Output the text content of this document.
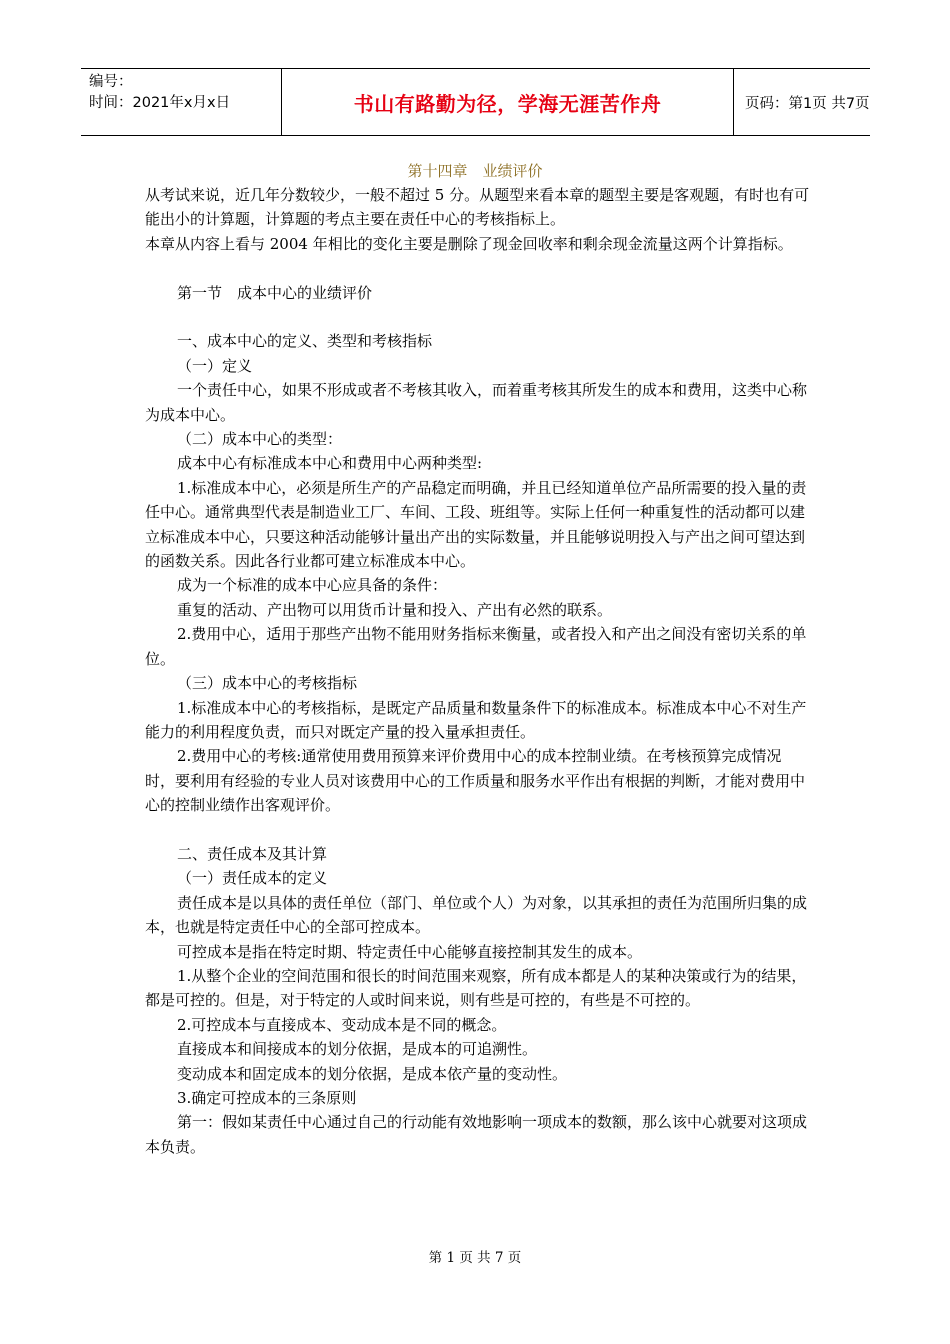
编号：
时间：2021年x月x日	书山有路勤为径，学海无涯苦作舟	页码：第1页 共7页
第十四章　业绩评价

从考试来说，近几年分数较少，一般不超过 5 分。从题型来看本章的题型主要是客观题，有时也有可能出小的计算题，计算题的考点主要在责任中心的考核指标上。

本章从内容上看与 2004 年相比的变化主要是删除了现金回收率和剩余现金流量这两个计算指标。

第一节　成本中心的业绩评价

一、成本中心的定义、类型和考核指标

（一）定义

一个责任中心，如果不形成或者不考核其收入，而着重考核其所发生的成本和费用，这类中心称为成本中心。

（二）成本中心的类型：

成本中心有标准成本中心和费用中心两种类型:

1.标准成本中心，必须是所生产的产品稳定而明确，并且已经知道单位产品所需要的投入量的责任中心。通常典型代表是制造业工厂、车间、工段、班组等。实际上任何一种重复性的活动都可以建立标准成本中心，只要这种活动能够计量出产出的实际数量，并且能够说明投入与产出之间可望达到的函数关系。因此各行业都可建立标准成本中心。

成为一个标准的成本中心应具备的条件：

重复的活动、产出物可以用货币计量和投入、产出有必然的联系。

2.费用中心，适用于那些产出物不能用财务指标来衡量，或者投入和产出之间没有密切关系的单位。

（三）成本中心的考核指标

1.标准成本中心的考核指标，是既定产品质量和数量条件下的标准成本。标准成本中心不对生产能力的利用程度负责，而只对既定产量的投入量承担责任。

2.费用中心的考核:通常使用费用预算来评价费用中心的成本控制业绩。在考核预算完成情况时，要利用有经验的专业人员对该费用中心的工作质量和服务水平作出有根据的判断，才能对费用中心的控制业绩作出客观评价。

二、责任成本及其计算

（一）责任成本的定义

责任成本是以具体的责任单位（部门、单位或个人）为对象，以其承担的责任为范围所归集的成本，也就是特定责任中心的全部可控成本。

可控成本是指在特定时期、特定责任中心能够直接控制其发生的成本。

1.从整个企业的空间范围和很长的时间范围来观察，所有成本都是人的某种决策或行为的结果，都是可控的。但是，对于特定的人或时间来说，则有些是可控的，有些是不可控的。

2.可控成本与直接成本、变动成本是不同的概念。

直接成本和间接成本的划分依据，是成本的可追溯性。

变动成本和固定成本的划分依据，是成本依产量的变动性。

3.确定可控成本的三条原则

第一：假如某责任中心通过自己的行动能有效地影响一项成本的数额，那么该中心就要对这项成本负责。

第 1 页 共 7 页
